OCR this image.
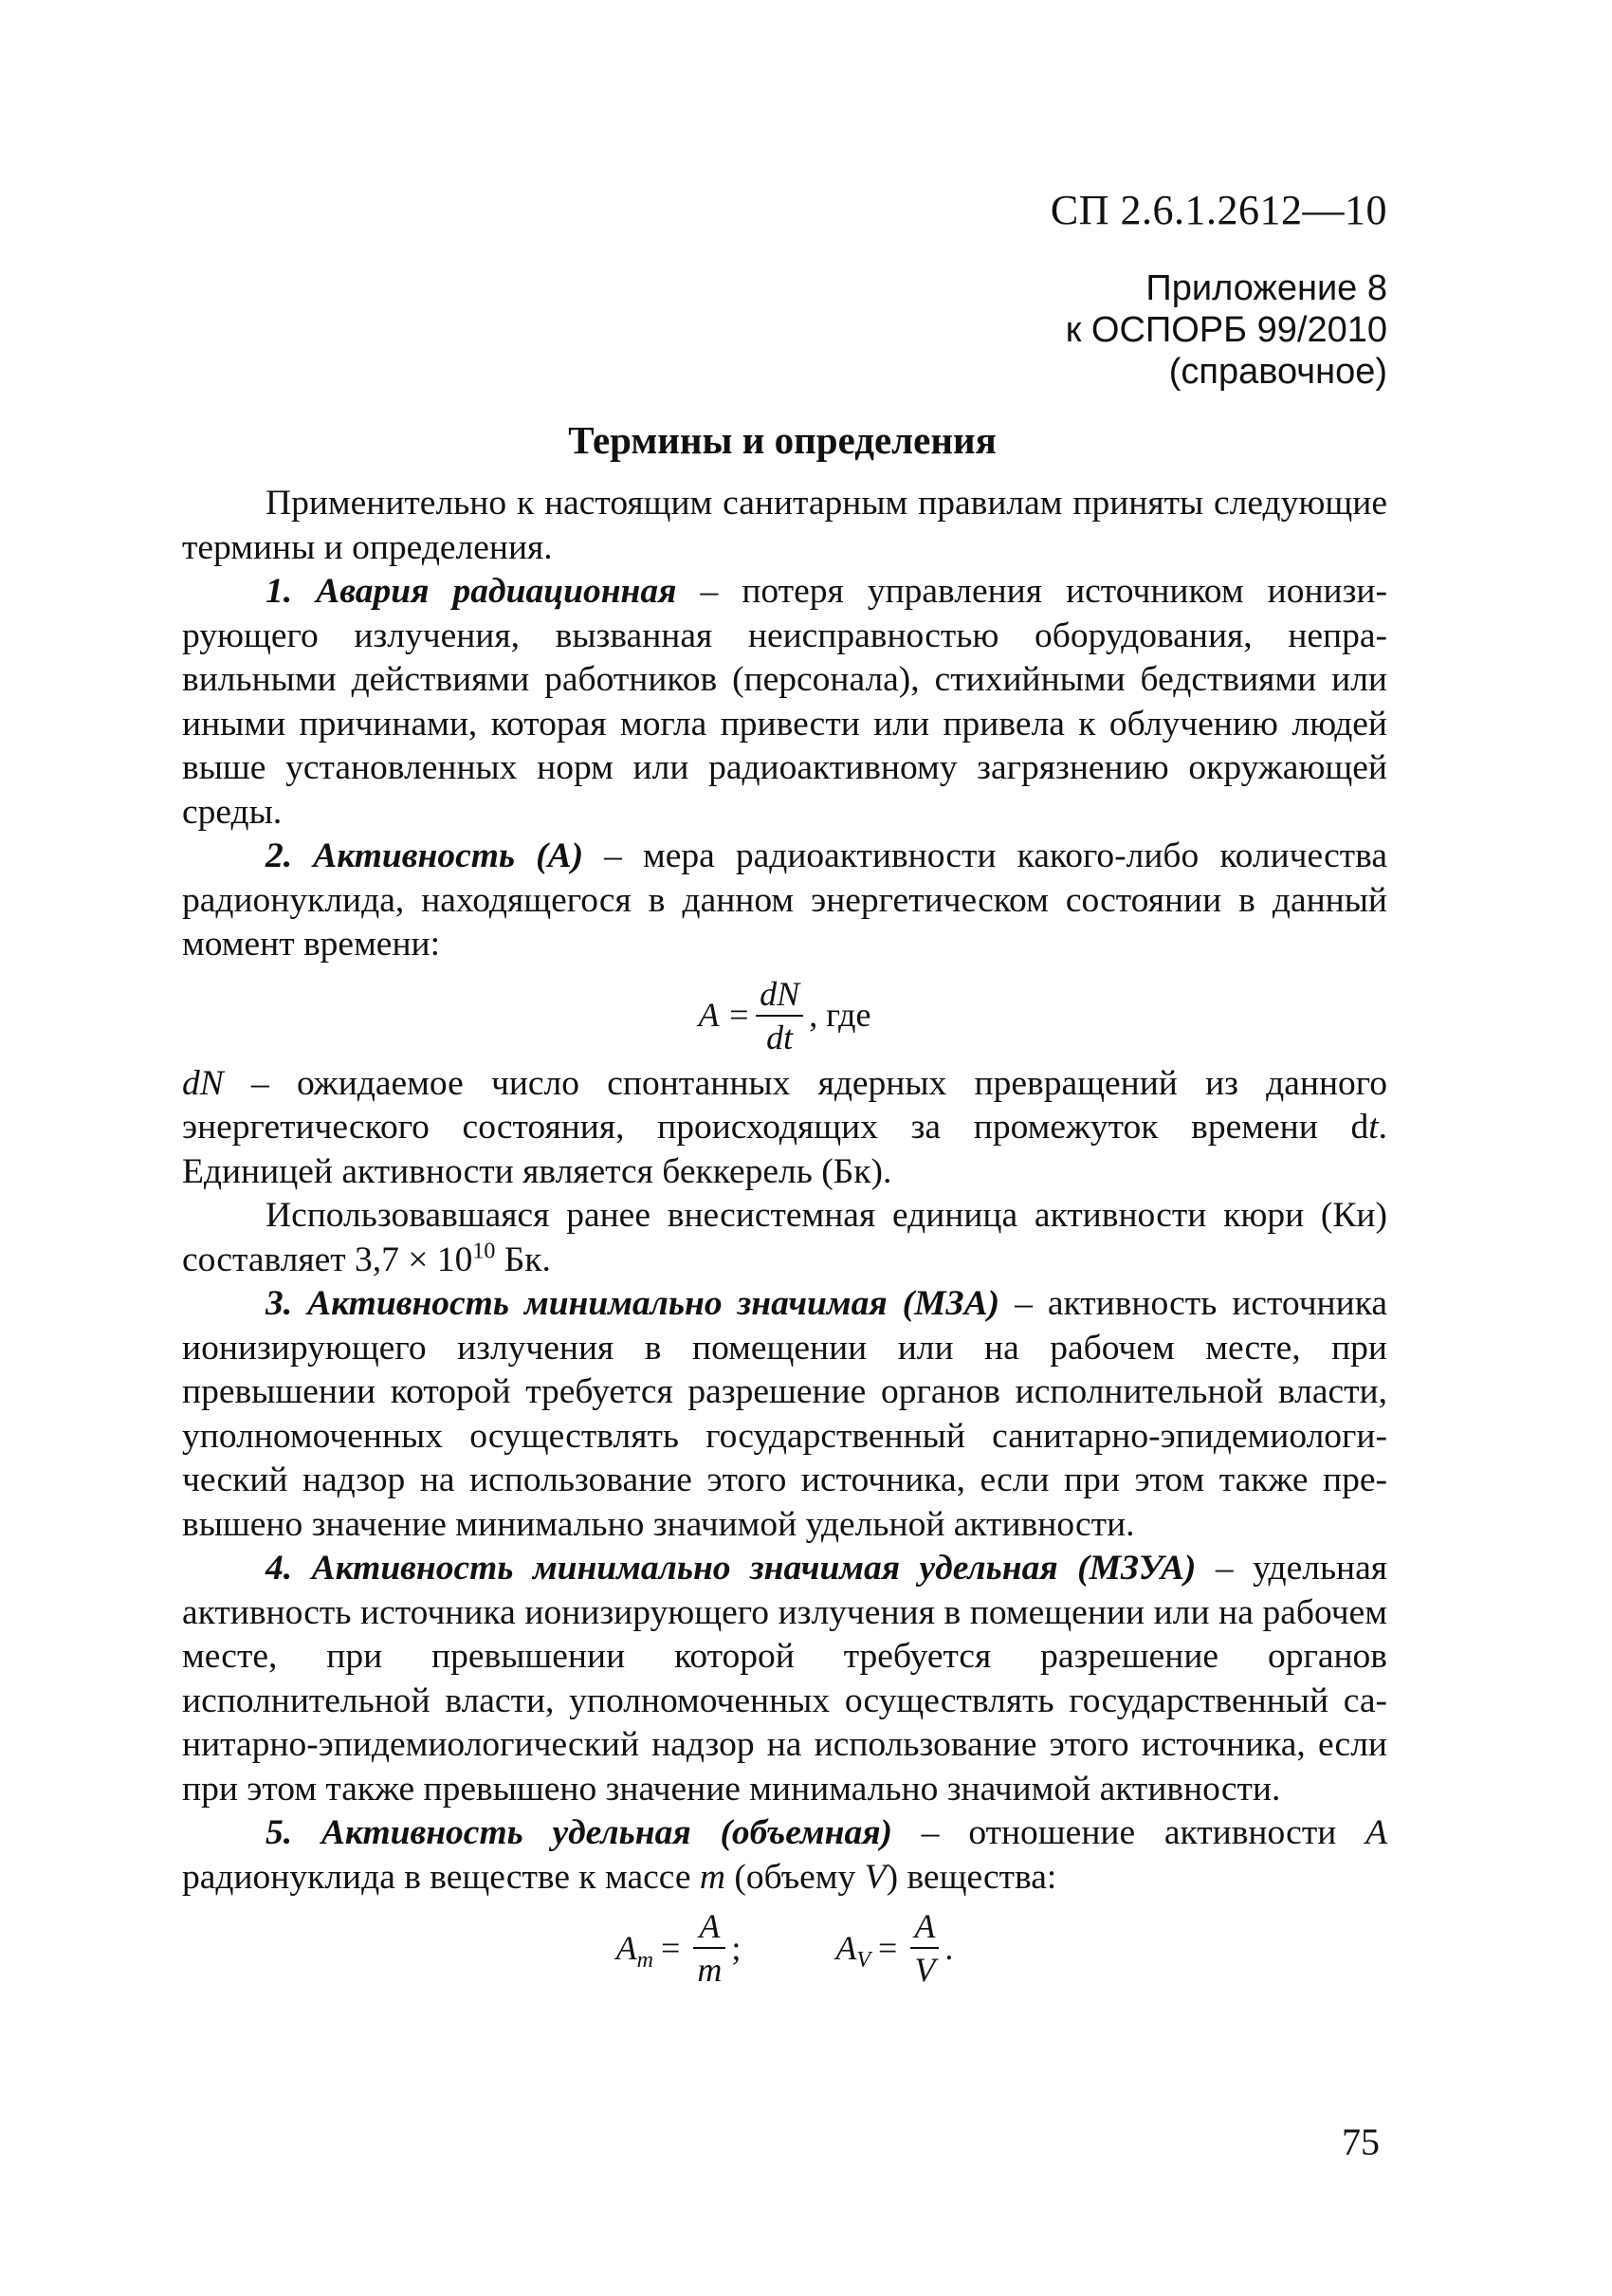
СП 2.6.1.2612—10
Приложение 8
к ОСПОРБ 99/2010
(справочное)
Термины и определения

Применительно к настоящим санитарным правилам приняты следующие термины и определения.

1. Авария радиационная – потеря управления источником ионизирующего излучения, вызванная неисправностью оборудования, неправильными действиями работников (персонала), стихийными бедствиями или иными причинами, которая могла привести или привела к облучению людей выше установленных норм или радиоактивному загрязнению окружающей среды.

2. Активность (А) – мера радиоактивности какого-либо количества радионуклида, находящегося в данном энергетическом состоянии в данный момент времени:

$A = \frac{dN}{dt}$ , где

dN – ожидаемое число спонтанных ядерных превращений из данного энергетического состояния, происходящих за промежуток времени dt. Единицей активности является беккерель (Бк).

Использовавшаяся ранее внесистемная единица активности кюри (Ки) составляет $3,7 \times 10^{10}$ Бк.

3. Активность минимально значимая (МЗА) – активность источника ионизирующего излучения в помещении или на рабочем месте, при превышении которой требуется разрешение органов исполнительной власти, уполномоченных осуществлять государственный санитарно-эпидемиологический надзор на использование этого источника, если при этом также превышено значение минимально значимой удельной активности.

4. Активность минимально значимая удельная (МЗУА) – удельная активность источника ионизирующего излучения в помещении или на рабочем месте, при превышении которой требуется разрешение органов исполнительной власти, уполномоченных осуществлять государственный санитарно-эпидемиологический надзор на использование этого источника, если при этом также превышено значение минимально значимой активности.

5. Активность удельная (объемная) – отношение активности А радионуклида в веществе к массе m (объему V) вещества:

$A_m = \frac{A}{m}$ ;	$A_V = \frac{A}{V}$ .
75
